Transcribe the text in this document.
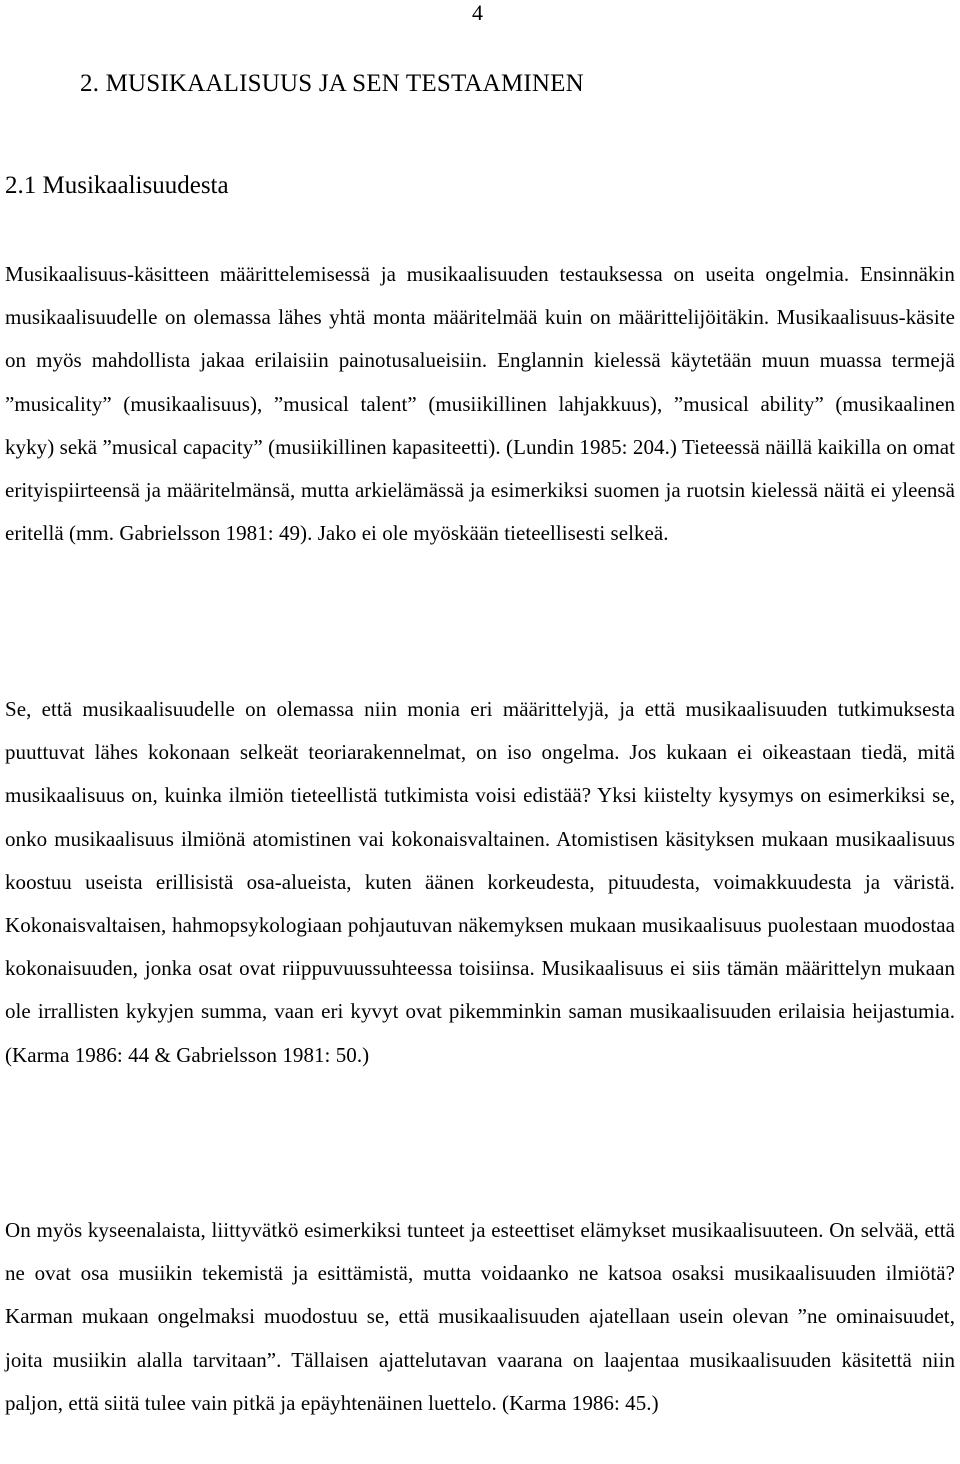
4
2. MUSIKAALISUUS JA SEN TESTAAMINEN
2.1 Musikaalisuudesta

Musikaalisuus-käsitteen määrittelemisessä ja musikaalisuuden testauksessa on useita ongelmia. Ensinnäkin musikaalisuudelle on olemassa lähes yhtä monta määritelmää kuin on määrittelijöitäkin. Musikaalisuus-käsite on myös mahdollista jakaa erilaisiin painotusalueisiin. Englannin kielessä käytetään muun muassa termejä ”musicality” (musikaalisuus), ”musical talent” (musiikillinen lahjakkuus), ”musical ability” (musikaalinen kyky) sekä ”musical capacity” (musiikillinen kapasiteetti). (Lundin 1985: 204.) Tieteessä näillä kaikilla on omat erityispiirteensä ja määritelmänsä, mutta arkielämässä ja esimerkiksi suomen ja ruotsin kielessä näitä ei yleensä eritellä (mm. Gabrielsson 1981: 49). Jako ei ole myöskään tieteellisesti selkeä.

Se, että musikaalisuudelle on olemassa niin monia eri määrittelyjä, ja että musikaalisuuden tutkimuksesta puuttuvat lähes kokonaan selkeät teoriarakennelmat, on iso ongelma. Jos kukaan ei oikeastaan tiedä, mitä musikaalisuus on, kuinka ilmiön tieteellistä tutkimista voisi edistää? Yksi kiistelty kysymys on esimerkiksi se, onko musikaalisuus ilmiönä atomistinen vai kokonaisvaltainen. Atomistisen käsityksen mukaan musikaalisuus koostuu useista erillisistä osa-alueista, kuten äänen korkeudesta, pituudesta, voimakkuudesta ja väristä. Kokonaisvaltaisen, hahmopsykologiaan pohjautuvan näkemyksen mukaan musikaalisuus puolestaan muodostaa kokonaisuuden, jonka osat ovat riippuvuussuhteessa toisiinsa. Musikaalisuus ei siis tämän määrittelyn mukaan ole irrallisten kykyjen summa, vaan eri kyvyt ovat pikemminkin saman musikaalisuuden erilaisia heijastumia. (Karma 1986: 44 & Gabrielsson 1981: 50.)

On myös kyseenalaista, liittyvätkö esimerkiksi tunteet ja esteettiset elämykset musikaalisuuteen. On selvää, että ne ovat osa musiikin tekemistä ja esittämistä, mutta voidaanko ne katsoa osaksi musikaalisuuden ilmiötä? Karman mukaan ongelmaksi muodostuu se, että musikaalisuuden ajatellaan usein olevan ”ne ominaisuudet, joita musiikin alalla tarvitaan”. Tällaisen ajattelutavan vaarana on laajentaa musikaalisuuden käsitettä niin paljon, että siitä tulee vain pitkä ja epäyhtenäinen luettelo. (Karma 1986: 45.)
